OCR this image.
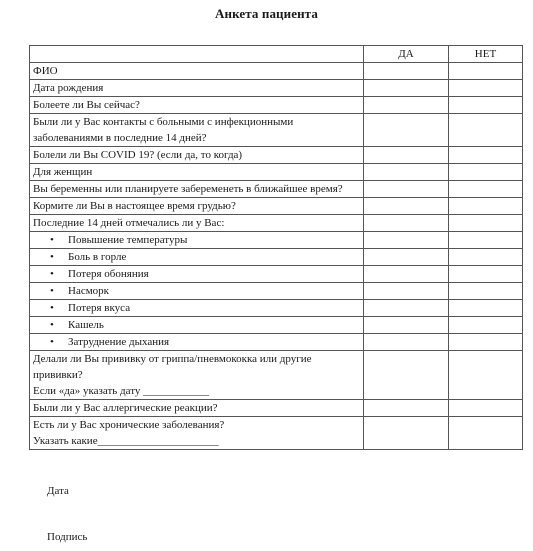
Анкета пациента
	ДА	НЕТ
ФИО		
Дата рождения		
Болеете ли Вы сейчас?		
Были ли у Вас контакты с больными с инфекционными заболеваниями в последние 14 дней?		
Болели ли Вы COVID 19? (если да, то когда)		
Для женщин		
Вы беременны или планируете забеременеть в ближайшее время?		
Кормите ли Вы в настоящее время грудью?		
Последние 14 дней отмечались ли у Вас:		
• Повышение температуры		
• Боль в горле		
• Потеря обоняния		
• Насморк		
• Потеря вкуса		
• Кашель		
• Затруднение дыхания		
Делали ли Вы прививку от гриппа/пневмококка или другие прививки?
Если «да» указать дату ____________		
Были ли у Вас аллергические реакции?		
Есть ли у Вас хронические заболевания?
Указать какие______________________		
Дата
Подпись
